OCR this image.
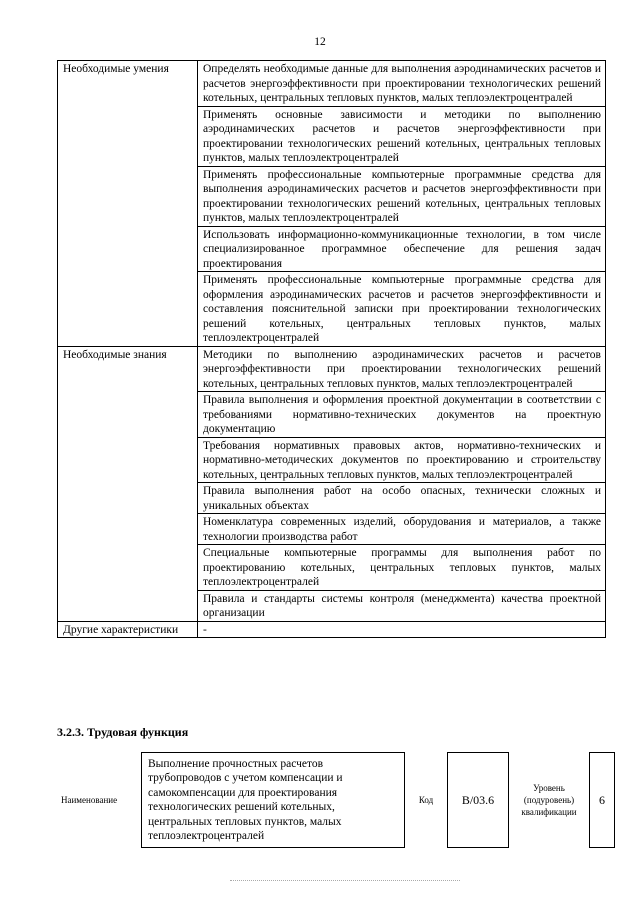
12
Необходимые умения	Определять необходимые данные для выполнения аэродинамических расчетов и расчетов энергоэффективности при проектировании технологических решений котельных, центральных тепловых пунктов, малых теплоэлектроцентралей
	Применять основные зависимости и методики по выполнению аэродинамических расчетов и расчетов энергоэффективности при проектировании технологических решений котельных, центральных тепловых пунктов, малых теплоэлектроцентралей
	Применять профессиональные компьютерные программные средства для выполнения аэродинамических расчетов и расчетов энергоэффективности при проектировании технологических решений котельных, центральных тепловых пунктов, малых теплоэлектроцентралей
	Использовать информационно-коммуникационные технологии, в том числе специализированное программное обеспечение для решения задач проектирования
	Применять профессиональные компьютерные программные средства для оформления аэродинамических расчетов и расчетов энергоэффективности и составления пояснительной записки при проектировании технологических решений котельных, центральных тепловых пунктов, малых теплоэлектроцентралей
Необходимые знания	Методики по выполнению аэродинамических расчетов и расчетов энергоэффективности при проектировании технологических решений котельных, центральных тепловых пунктов, малых теплоэлектроцентралей
	Правила выполнения и оформления проектной документации в соответствии с требованиями нормативно-технических документов на проектную документацию
	Требования нормативных правовых актов, нормативно-технических и нормативно-методических документов по проектированию и строительству котельных, центральных тепловых пунктов, малых теплоэлектроцентралей
	Правила выполнения работ на особо опасных, технически сложных и уникальных объектах
	Номенклатура современных изделий, оборудования и материалов, а также технологии производства работ
	Специальные компьютерные программы для выполнения работ по проектированию котельных, центральных тепловых пунктов, малых теплоэлектроцентралей
	Правила и стандарты системы контроля (менеджмента) качества проектной организации
Другие характеристики	-
3.2.3. Трудовая функция
Наименование	Выполнение прочностных расчетов трубопроводов с учетом компенсации и самокомпенсации для проектирования технологических решений котельных, центральных тепловых пунктов, малых теплоэлектроцентралей	Код	В/03.6	Уровень (подуровень) квалификации	6
